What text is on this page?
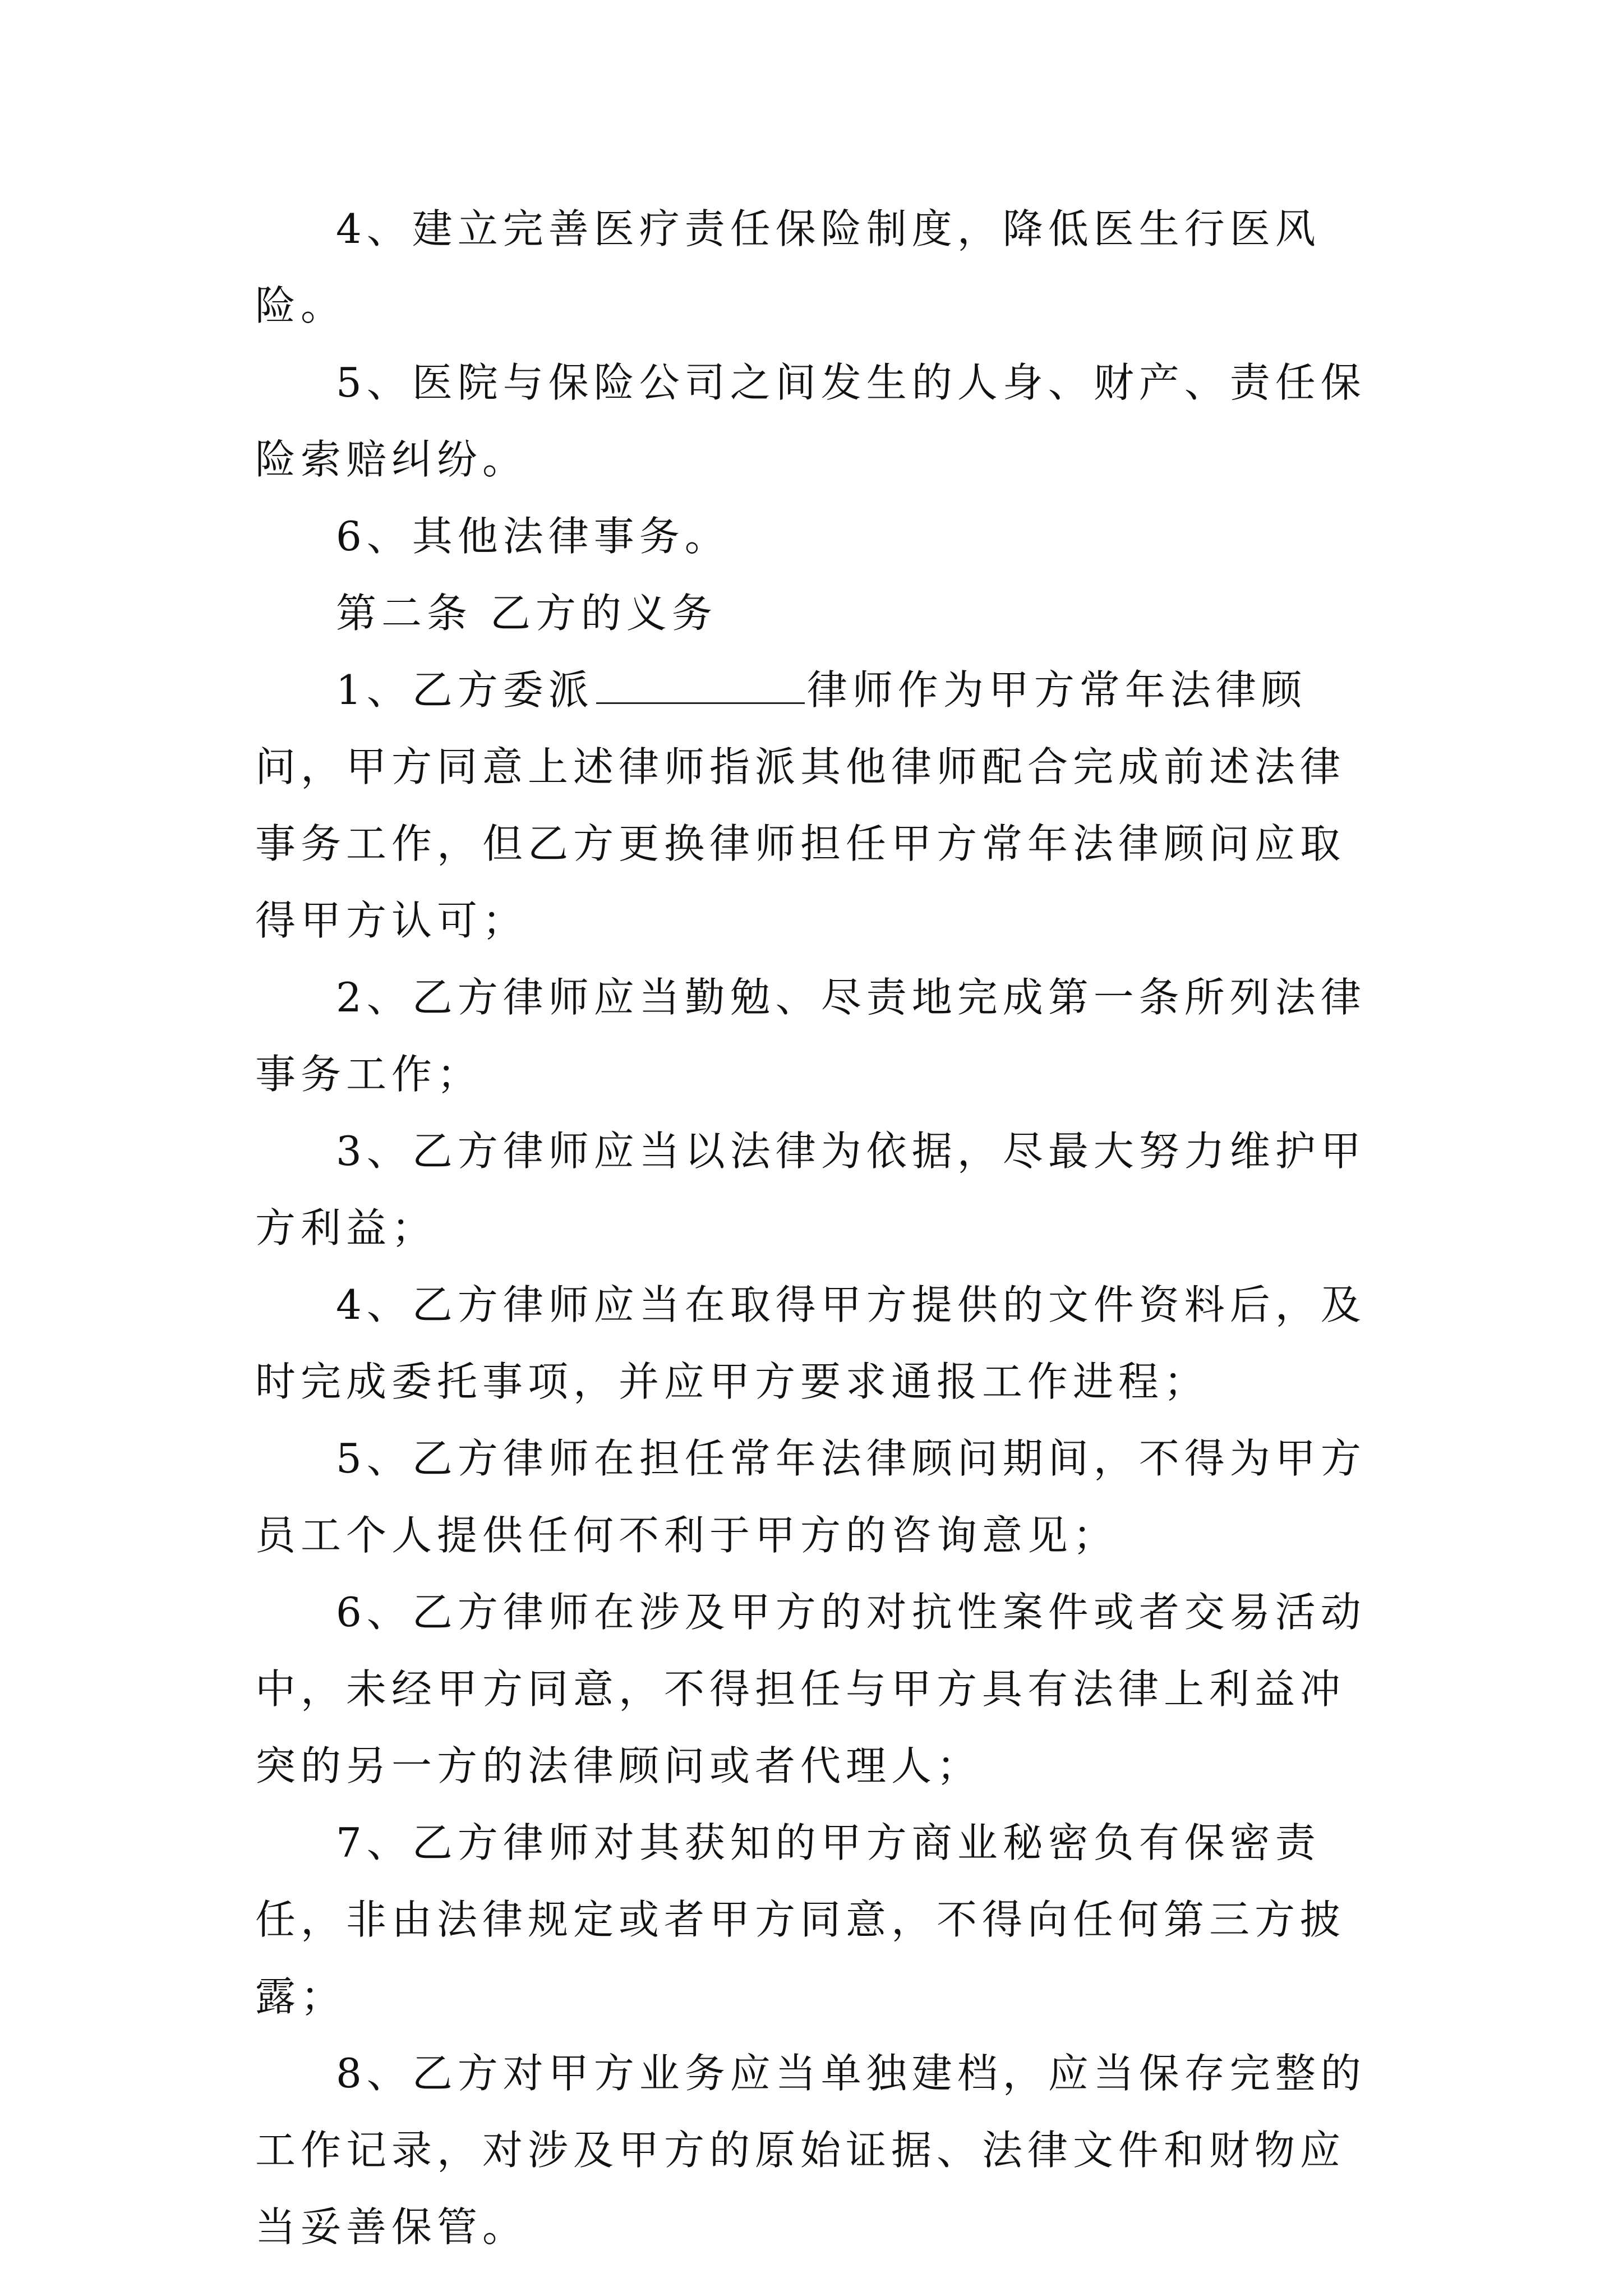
4、建立完善医疗责任保险制度，降低医生行医风险。

5、医院与保险公司之间发生的人身、财产、责任保险索赔纠纷。

6、其他法律事务。

第二条 乙方的义务

1、乙方委派	律师作为甲方常年法律顾问，甲方同意上述律师指派其他律师配合完成前述法律事务工作，但乙方更换律师担任甲方常年法律顾问应取得甲方认可；

2、乙方律师应当勤勉、尽责地完成第一条所列法律事务工作；

3、乙方律师应当以法律为依据，尽最大努力维护甲方利益；

4、乙方律师应当在取得甲方提供的文件资料后，及时完成委托事项，并应甲方要求通报工作进程；

5、乙方律师在担任常年法律顾问期间，不得为甲方员工个人提供任何不利于甲方的咨询意见；

6、乙方律师在涉及甲方的对抗性案件或者交易活动中，未经甲方同意，不得担任与甲方具有法律上利益冲突的另一方的法律顾问或者代理人；

7、乙方律师对其获知的甲方商业秘密负有保密责任，非由法律规定或者甲方同意，不得向任何第三方披露；

8、乙方对甲方业务应当单独建档，应当保存完整的工作记录，对涉及甲方的原始证据、法律文件和财物应当妥善保管。
